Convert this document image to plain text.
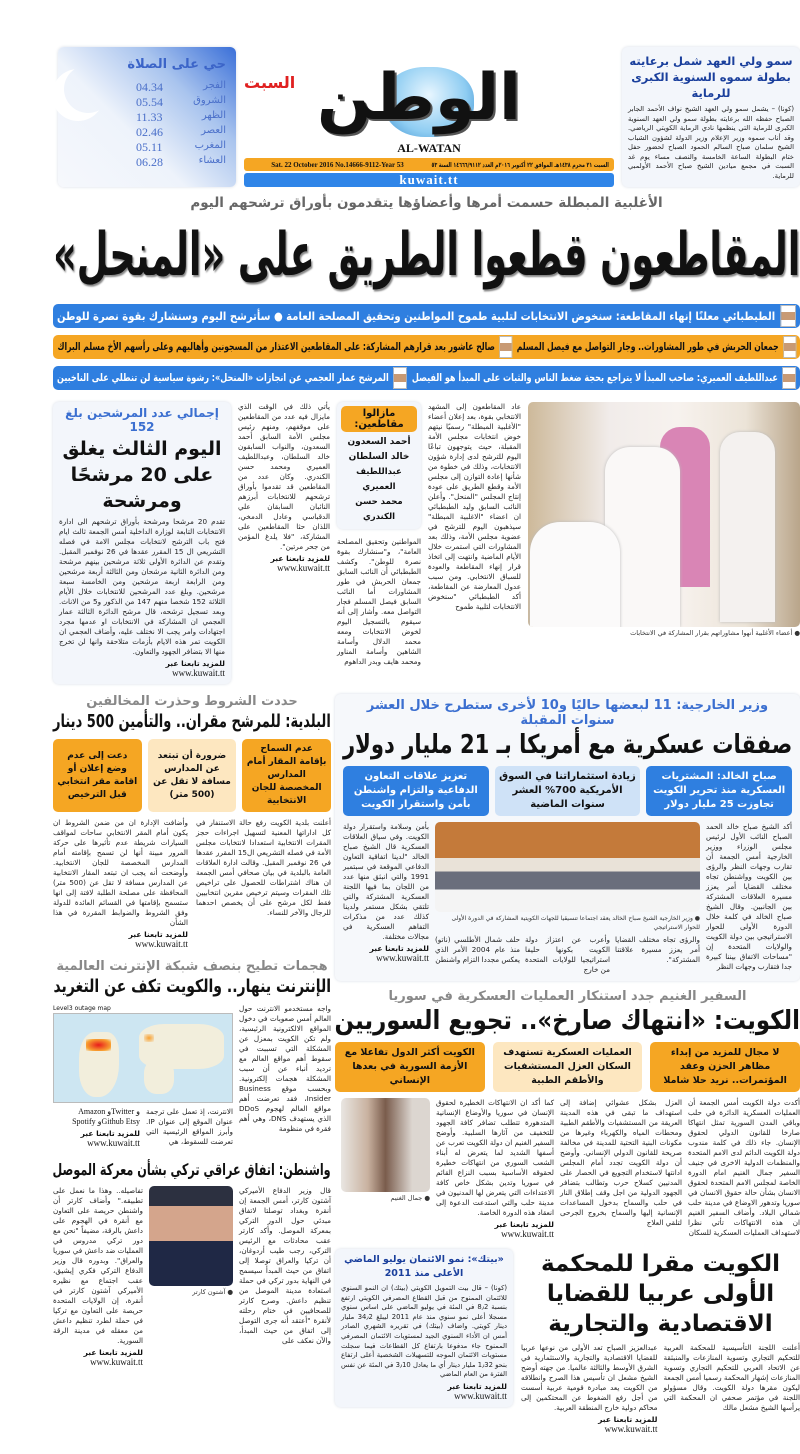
سمو ولي العهد شمل برعايته بطولة سموه السنوية الكبرى للرماية
(كونا) – يشمل سمو ولي العهد الشيخ نواف الأحمد الجابر الصباح حفظه الله برعايته بطولة سمو ولي العهد السنوية الكبرى للرماية التي ينظمها نادي الرماية الكويتي الرياضي. وقد أناب سموه وزير الإعلام وزير الدولة لشؤون الشباب الشيخ سلمان صباح السالم الحمود الصباح لحضور حفل ختام البطولة الساعة الخامسة والنصف مساء يوم غد السبت في مجمع ميادين الشيخ صباح الأحمد الأولمبي للرماية.
الوطن
السبت
AL-WATAN
السبت ٢١ محرم ١٤٣٨هـ الموافق ٢٢ أكتوبر ٢٠١٦م العدد ١٤٦٦٦/٩١١٢ السنة ٥٣
Sat. 22 October 2016 No.14666-9112-Year 53
kuwait.tt
حي على الصلاة
الفجر
04.34
الشروق
05.54
الظهر
11.33
العصر
02.46
المغرب
05.11
العشاء
06.28
الأغلبية المبطلة حسمت أمرها وأعضاؤها يتقدمون بأوراق ترشحهم اليوم
المقاطعون قطعوا الطريق على «المنحل»
الطبطبائي معلنًا إنهاء المقاطعة: سنخوض الانتخابات لتلبية طموح المواطنين وتحقيق المصلحة العامة ● سأترشح اليوم وسنشارك بقوة نصرة للوطن
جمعان الحربش في طور المشاورات.. وجار التواصل مع فيصل المسلم
صالح عاشور بعد قرارهم المشاركة: على المقاطعين الاعتذار من المسجونين وأهاليهم وعلى رأسهم الأخ مسلم البراك
عبداللطيف العميري: صاحب المبدأ لا يتراجع بحجة ضغط الناس والثبات على المبدأ هو الفيصل
المرشح عمار العجمي عن انجازات «المنحل»: رشوة سياسية لن تنطلي على الناخبين
● أعضاء الأغلبية أنهوا مشاوراتهم بقرار المشاركة في الانتخابات
عاد المقاطعون إلى المشهد الانتخابي بقوة، بعد إعلان أعضاء "الأغلبية المبطلة" رسميًا نيتهم خوض انتخابات مجلس الأمة المقبلة، حيث يتوجهون تباعًا اليوم للترشح لدى إدارة شؤون الانتخابات، وذلك في خطوة من شأنها إعادة التوازن إلى مجلس الأمة وقطع الطريق على عودة إنتاج المجلس "المنحل". وأعلن النائب السابق وليد الطبطبائي ان اعضاء "الاغلبية المبطلة" سيذهبون اليوم للترشح في عضوية مجلس الأمة، وذلك بعد المشاورات التي استمرت خلال الأيام الماضية وانتهت إلى اتخاذ قرار إنهاء المقاطعة والعودة للسباق الانتخابي. ومن سبب عدول المعارضة عن المقاطعة، أكد الطبطبائي "سنخوض الانتخابات لتلبية طموح
مازالوا مقاطعين:
أحمد السعدون
خالد السلطان
عبداللطيف العميري
محمد حسن الكندري
المواطنين وتحقيق المصلحة العامة"، و"سنشارك بقوة نصرة للوطن". وكشف الطبطبائي أن النائب السابق جمعان الحربش في طور المشاورات أما النائب السابق فيصل المسلم فجار التواصل معه. وأشار إلى أنه سيقوم بالتسجيل اليوم لخوض الانتخابات ومعه محمد الدلال وأسامة الشاهين وأسامة المناور ومحمد هايف وبدر الداهوم
يأتي ذلك في الوقت الذي مايزال فيه عدد من المقاطعين على موقفهم، ومنهم رئيس مجلس الأمة السابق أحمد السعدون، والنواب السابقون خالد السلطان، وعبداللطيف العميري ومحمد حسن الكندري. وكان عدد من المقاطعين قد تقدموا بأوراق ترشحهم للانتخابات أبرزهم النائبان السابقان علي الدقباسي وعادل الدمخي، اللذان حثا المقاطعين على المشاركة، "فلا يلدغ المؤمن من جحر مرتين".
للمزيد تابعنا عبر
www.kuwait.tt
إجمالي عدد المرشحين بلغ 152
اليوم الثالث يغلق على 20 مرشحًا ومرشحة
تقدم 20 مرشحا ومرشحة بأوراق ترشحهم الى ادارة الانتخابات التابعة لوزارة الداخلية أمس الجمعة ثالث ايام فتح باب الترشح لانتخابات مجلس الامة في فصله التشريعي ال 15 المقرر عقدها في 26 نوفمبر المقبل. وتقدم عن الدائرة الأولى ثلاثة مرشحين بينهم مرشحة ومن الدائرة الثانية مرشحان ومن الثالثة أربعة مرشحين ومن الرابعة اربعة مرشحين ومن الخامسة سبعة مرشحين. وبلغ عدد المرشحين للانتخابات خلال الأيام الثلاثة 152 شخصا منهم 147 من الذكور و5 من الاناث. وبعد تسجيل ترشحه، قال مرشح الدائرة الثالثة عمار العجمي ان المشاركة في الانتخابات او عدمها مجرد اجتهادات وامر يجب الا نختلف عليه، وأضاف العجمي ان الكويت تمر هذه الايام بأزمات متلاحقة وانها لن تخرج منها الا بتضافر الجهود والتعاون.
للمزيد تابعنا عبر
www.kuwait.tt
وزير الخارجية: 11 لبعضها حاليًا و10 لأخرى ستطرح خلال العشر سنوات المقبلة
صفقات عسكرية مع أمريكا بـ 21 مليار دولار
صباح الخالد: المشتريات العسكرية منذ تحرير الكويت تجاوزت 25 مليار دولار
زيادة استثماراتنا في السوق الأمريكية 700% العشر سنوات الماضية
تعزيز علاقات التعاون الدفاعية والتزام واشنطن بأمن واستقرار الكويت
أكد الشيخ صباح خالد الحمد الصباح النائب الأول لرئيس مجلس الوزراء ووزير الخارجية أمس الجمعة أن تقارب وجهات النظر والرؤى بين الكويت وواشنطن تجاه مختلف القضايا أمر يعزز مسيرة العلاقات المشتركة بين الجانبين. وقال الشيخ صباح الخالد في كلمة خلال الدورة الأولى للحوار الاستراتيجي بين دولة الكويت والولايات المتحدة إن "مساحات الاتفاق بيننا كبيرة جدا فتقارب وجهات النظر
● وزير الخارجية الشيخ صباح الخالد يعقد اجتماعا تنسيقيا للجهات الكويتية المشاركة في الدورة الأولى للحوار الاستراتيجي
والرؤى تجاه مختلف القضايا أمر يعزز مسيرة علاقتنا المشتركة".
وأعرب عن اعتزاز دولة الكويت بكونها حليفا استراتيجيا للولايات المتحدة من خارج
حلف شمال الأطلسي (ناتو) منذ عام 2004 الأمر الذي يعكس مجددا التزام واشنطن
بأمن وسلامة واستقرار دولة الكويت. وفي سياق العلاقات العسكرية قال الشيخ صباح الخالد "لدينا اتفاقية التعاون الدفاعي الموقعة في سبتمبر 1991 والتي انبثق منها عدد من اللجان بما فيها اللجنة العسكرية المشتركة والتي تلتقي بشكل مستمر ولدينا كذلك عدد من مذكرات التفاهم العسكرية في مجالات مختلفة.
للمزيد تابعنا عبر
www.kuwait.tt
السفير الغنيم جدد استنكار العمليات العسكرية في سوريا
الكويت: «انتهاك صارخ».. تجويع السوريين
لا مجال للمزيد من إبداء مظاهر الحزن وعقد المؤتمرات.. نريد حلا شاملا
العمليات العسكرية تستهدف السكان العزل المستشفيات والأطقم الطبية
الكويت أكثر الدول تفاعلا مع الأزمة السورية في بعدها الإنساني
أكدت دولة الكويت أمس الجمعة أن العمليات العسكرية الدائرة في حلب وباقي المدن السورية تمثل انتهاكا صارخا للقانون الدولي لحقوق الإنسان. جاء ذلك في كلمة مندوب دولة الكويت الدائم لدى الامم المتحدة والمنظمات الدولية الاخرى في جنيف السفير جمال الغنيم امام الدورة الخاصة لمجلس الامم المتحدة لحقوق الانسان بشأن حالة حقوق الانسان في سوريا وتدهور الاوضاع في مدينة حلب شمالي البلاد. وأضاف السفير الغنيم ان هذه الانتهاكات تأتي نظرا لاستهداف العمليات العسكرية للسكان
العزل بشكل عشوائي إضافة إلى استهداف ما تبقى في هذه المدينة العريقة من المستشفيات والأطقم الطبية ومحطات المياه والكهرباء وغيرها من مكونات البنية التحتية للمدينة في مخالفة صريحة للقانون الدولي الإنساني. وأوضح أن دولة الكويت تجدد أمام المجلس ادانتها لاستخدام التجويع في الحصار على المدنيين كسلاح حرب وتطالب بتضافر الجهود الدولية من اجل وقف إطلاق النار في حلب والسماح بدخول المساعدات الإنسانية إليها والسماح بخروج الجرحى لتلقي العلاج
كما أكد ان الانتهاكات الخطيرة لحقوق الإنسان في سوريا والأوضاع الإنسانية المتدهورة تتطلب تضافر كافة الجهود للتخفيف من آثارها السلبية. وأوضح السفير الغنيم ان دولة الكويت تعرب عن أسفها الشديد لما يتعرض له أبناء الشعب السوري من انتهاكات خطيرة لحقوقه الأساسية بسبب النزاع القائم في سوريا وتدين بشكل خاص كافة الاعتداءات التي يتعرض لها المدنيون في مدينة حلب والتي استدعت الدعوة إلى انعقاد هذه الدورة الخاصة.
للمزيد تابعنا عبر
www.kuwait.tt
● جمال الغنيم
الكويت مقرا للمحكمة الأولى عربيا للقضايا الاقتصادية والتجارية
أعلنت اللجنة التأسيسية للمحكمة العربية للتحكيم التجاري وتسوية المنازعات والمنبثقة عن الاتحاد العربي للتحكيم التجاري وتسوية المنازعات إشهار المحكمة رسميا أمس الجمعة ليكون مقرها دولة الكويت. وقال مسؤولو اللجنة في مؤتمر صحفي ان المحكمة التي يرأسها الشيخ مشعل مالك
عبدالعزيز الصباح تعد الأولى من نوعها عربيا للقضايا الاقتصادية والتجارية والاستثمارية في الشرق الأوسط والثالثة عالميا. من جهته أوضح الشيخ مشعل ان تأسيس هذا الصرح وانطلاقه من الكويت يعد مبادرة قومية عربية أسست من أجل رفع الضغوط عن المحتكمين إلى محاكم دولية خارج المنطقة العربية.
للمزيد تابعنا عبر
www.kuwait.tt
«بيتك»: نمو الائتمان يوليو الماضي الأعلى منذ 2011
(كونا) – قال بيت التمويل الكويتي (بيتك) ان النمو السنوي للائتمان الممنوح من قبل القطاع المصرفي الكويتي ارتفع بنسبة 8٫2 في المئة في يوليو الماضي على اساس سنوي مسجلا أعلى نمو سنوي منذ عام 2011 ليبلغ 34٫2 مليار دينار كويتي. واضاف (بيتك) في تقريره الشهري الصادر أمس ان الأداء السنوي الجيد لمستويات الائتمان المصرفي الممنوح جاء مدفوعا بارتفاع كل القطاعات فيما سجلت مستويات الائتمان الموجه للتسهيلات الشخصية أعلى ارتفاع بنحو 1٫32 مليار دينار أي ما يعادل 3٫10 في المئة عن نفس الفترة من العام الماضي
للمزيد تابعنا عبر
www.kuwait.tt
حددت الشروط وحذرت المخالفين
البلدية: للمرشح مقران.. والتأمين 500 دينار
عدم السماح بإقامة المقار أمام المدارس المخصصة للجان الانتخابية
ضرورة أن تبتعد عن المدارس مسافة لا تقل عن (500 متر)
دعت إلى عدم وضع إعلان أو اقامة مقر انتخابي قبل الترخيص
أعلنت بلدية الكويت رفع حالة الاستنفار في كل اداراتها المعنية لتسهيل اجراءات حجز المقرات الانتخابية استعدادا لانتخابات مجلس الأمة في فصله التشريعي ال15 المقرر عقدها في 26 نوفمبر المقبل. وقالت ادارة العلاقات العامة بالبلدية في بيان صحافي أمس الجمعة ان هناك اشتراطات للحصول على تراخيص تلك المقرات وسيتم ترخيص مقرين انتخابيين فقط لكل مرشح على أن يخصص احدهما للرجال والآخر للنساء.
وأضافت الإدارة ان من ضمن الشروط ان يكون أمام المقر الانتخابي ساحات لمواقف السيارات شريطة عدم تأثيرها على حركة المرور مبينة أنها لن تسمح بإقامته أمام المدارس المخصصة للجان الانتخابية. وأوضحت أنه يجب ان تبتعد المقار الانتخابية عن المدارس مسافة لا تقل عن (500 متر) المحافظة على مصلحة الطلبة لافتة إلى انها ستسمح بإقامتها في القسائم العائدة للدولة وفق الشروط والضوابط المقررة في هذا الشأن
للمزيد تابعنا عبر
www.kuwait.tt
هجمات تطيح بنصف شبكة الإنترنت العالمية
الإنترنت ينهار.. والكويت تكف عن التغريد
واجه مستخدمو الانترنت حول العالم أمس صعوبات في دخول المواقع الالكترونية الرئيسية، ولم تكن الكويت بمعزل عن المشكلة التي تسببت في سقوط أهم مواقع العالم مع ترديد أنباء عن أن سبب المشكلة هجمات إلكترونية. وبحسب موقع Business Insider، فقد تعرضت أهم مواقع العالم لهجوم DDoS الذي يستهدف DNS، وهي أهم فقرة في منظومة
Level3 outage map
الانترنت، إذ تعمل على ترجمة عنوان الموقع إلى عنوان IP. وأبرز المواقع الرئيسية التي تعرضت للسقوط، هي
Amazon وTwitter و Spotify وGithub Etsy
للمزيد تابعنا عبر
www.kuwait.tt
واشنطن: اتفاق عراقي تركي بشأن معركة الموصل
قال وزير الدفاع الأميركي آشتون كارتر، أمس الجمعة إن أنقرة وبغداد توصلتا لاتفاق مبدئي حول الدور التركي بمعركة الموصل. وأكد كارتر عقب محادثات مع الرئيس التركي، رجب طيب أردوغان، أن تركيا والعراق توصلا إلى اتفاق من حيث المبدأ سيسمح في النهاية بدور تركي في حملة استعادة مدينة الموصل من تنظيم داعش. وصرح كارتر للصحافيين في ختام رحلته لأنقرة "أعتقد أنه جرى التوصل إلى اتفاق من حيث المبدأ، والآن نعكف على
● آشتون كارتر
تفاصيله.. وهذا ما نعمل على تطبيقه." وأضاف كارتر أن واشنطن حريصة على التعاون مع أنقرة في الهجوم على داعش بالرقة، مضيفاً "نحن مع دور تركي مدروس في العمليات ضد داعش في سوريا والعراق". وبدوره قال وزير الدفاع التركي فكري إيشيق، عقب اجتماع مع نظيره الأميركي آشتون كارتر في أنقرة، إن الولايات المتحدة حريصة على التعاون مع تركيا في حملة لطرد تنظيم داعش من معقله في مدينة الرقة السورية.
للمزيد تابعنا عبر
www.kuwait.tt
